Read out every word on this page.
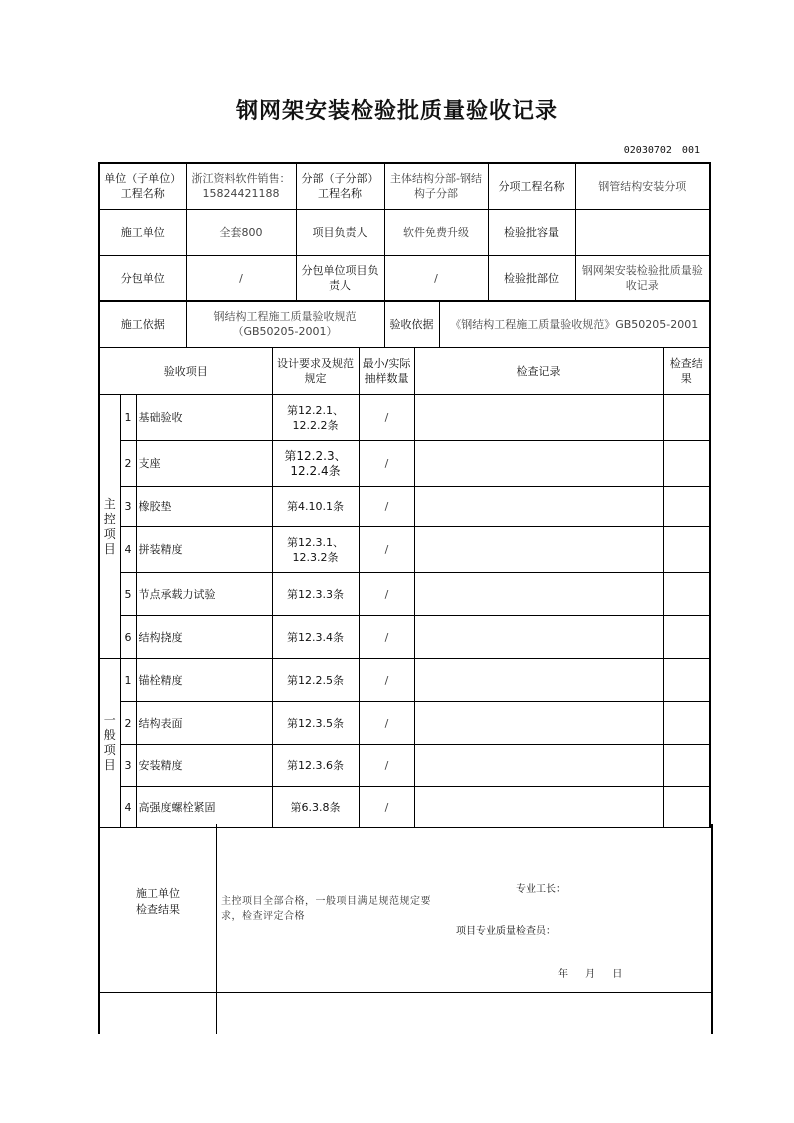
钢网架安装检验批质量验收记录
02030702　001
单位（子单位）工程名称	浙江资料软件销售：15824421188	分部（子分部）工程名称	主体结构分部-钢结构子分部	分项工程名称	钢管结构安装分项
施工单位	全套800	项目负责人	软件免费升级	检验批容量	
分包单位	/	分包单位项目负责人	/	检验批部位	钢网架安装检验批质量验收记录
施工依据	钢结构工程施工质量验收规范（GB50205-2001）	验收依据	《钢结构工程施工质量验收规范》GB50205-2001
验收项目			设计要求及规范规定	最小/实际抽样数量	检查记录	检查结果
主控项目	1	基础验收	第12.2.1、12.2.2条	/		
	2	支座	第12.2.3、12.2.4条	/		
	3	橡胶垫	第4.10.1条	/		
	4	拼装精度	第12.3.1、12.3.2条	/		
	5	节点承载力试验	第12.3.3条	/		
	6	结构挠度	第12.3.4条	/		
一般项目	1	锚栓精度	第12.2.5条	/		
	2	结构表面	第12.3.5条	/		
	3	安装精度	第12.3.6条	/		
	4	高强度螺栓紧固	第6.3.8条	/		
施工单位检查结果
主控项目全部合格，一般项目满足规范规定要求，检查评定合格
专业工长：
项目专业质量检查员：
年 月 日
